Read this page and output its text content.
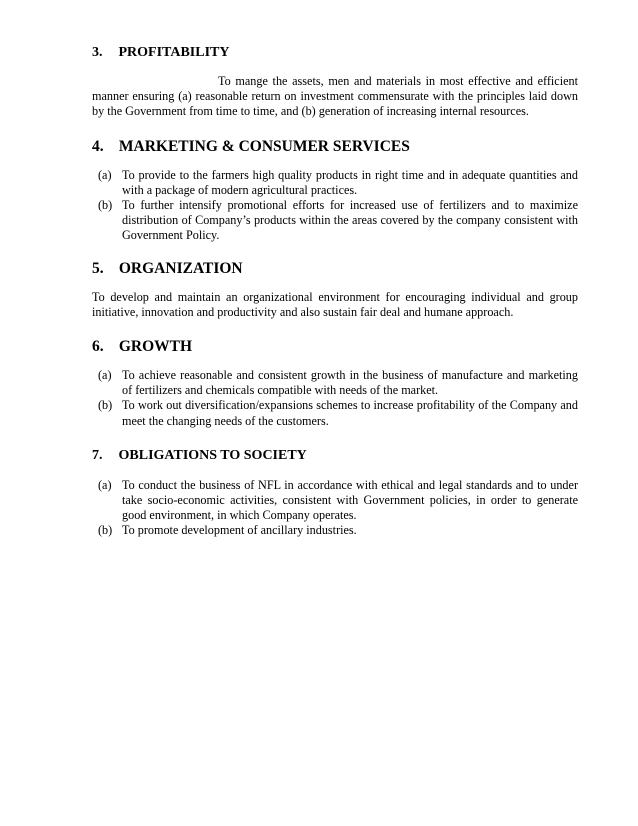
3. PROFITABILITY

To mange the assets, men and materials in most effective and efficient manner ensuring (a) reasonable return on investment commensurate with the principles laid down by the Government from time to time, and (b) generation of increasing internal resources.

4. MARKETING & CONSUMER SERVICES
(a) To provide to the farmers high quality products in right time and in adequate quantities and with a package of modern agricultural practices.
(b) To further intensify promotional efforts for increased use of fertilizers and to maximize distribution of Company’s products within the areas covered by the company consistent with Government Policy.
5. ORGANIZATION

To develop and maintain an organizational environment for encouraging individual and group initiative, innovation and productivity and also sustain fair deal and humane approach.

6. GROWTH
(a) To achieve reasonable and consistent growth in the business of manufacture and marketing of fertilizers and chemicals compatible with needs of the market.
(b) To work out diversification/expansions schemes to increase profitability of the Company and meet the changing needs of the customers.
7. OBLIGATIONS TO SOCIETY
(a) To conduct the business of NFL in accordance with ethical and legal standards and to under take socio-economic activities, consistent with Government policies, in order to generate good environment, in which Company operates.
(b) To promote development of ancillary industries.
